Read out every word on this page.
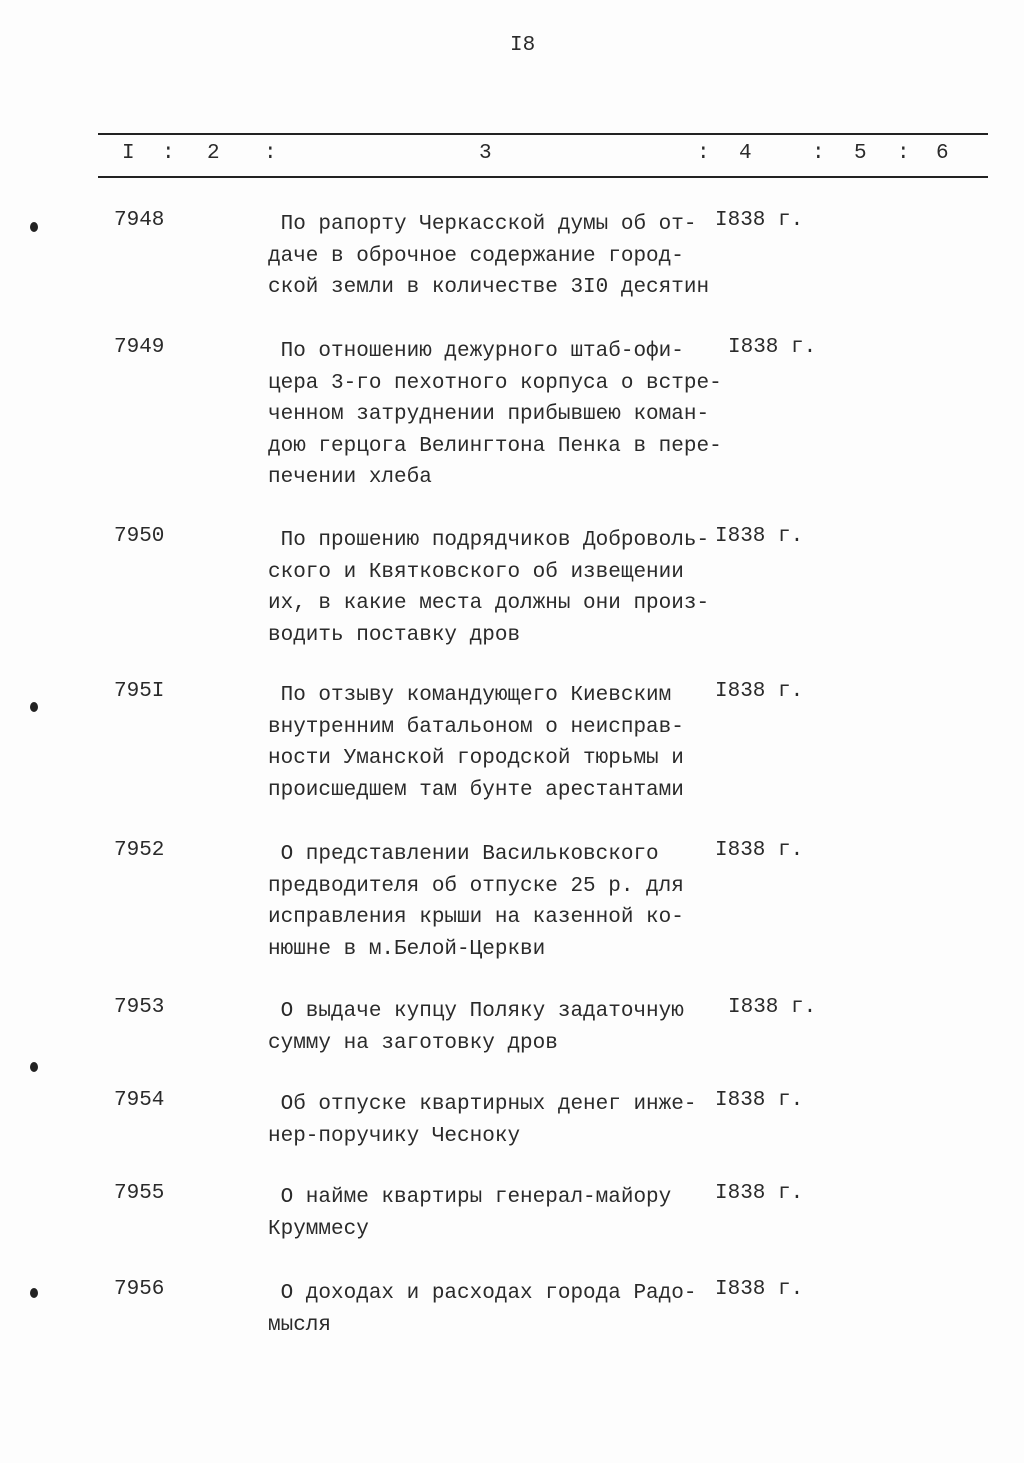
I8
I : 2 :	3	: 4	: 5 : 6
7948	По рапорту Черкасской думы об от-
даче в оброчное содержание город-
ской земли в количестве 3I0 десятин
I838 г.
7949	По отношению дежурного штаб-офи-
цера 3-го пехотного корпуса о встре-
ченном затруднении прибывшею коман-
дою герцога Велингтона Пенка в пере-
печении хлеба
I838 г.
7950	По прошению подрядчиков Доброволь-
ского и Квятковского об извещении
их, в какие места должны они произ-
водить поставку дров
I838 г.
795I	По отзыву командующего Киевским
внутренним батальоном о неисправ-
ности Уманской городской тюрьмы и
происшедшем там бунте арестантами
I838 г.
7952	О представлении Васильковского
предводителя об отпуске 25 р. для
исправления крыши на казенной ко-
нюшне в м.Белой-Церкви
I838 г.
7953	О выдаче купцу Поляку задаточную
сумму на заготовку дров
I838 г.
7954	Об отпуске квартирных денег инже-
нер-поручику Чесноку
I838 г.
7955	О найме квартиры генерал-майору
Круммесу
I838 г.
7956	О доходах и расходах города Радо-
мысля
I838 г.
